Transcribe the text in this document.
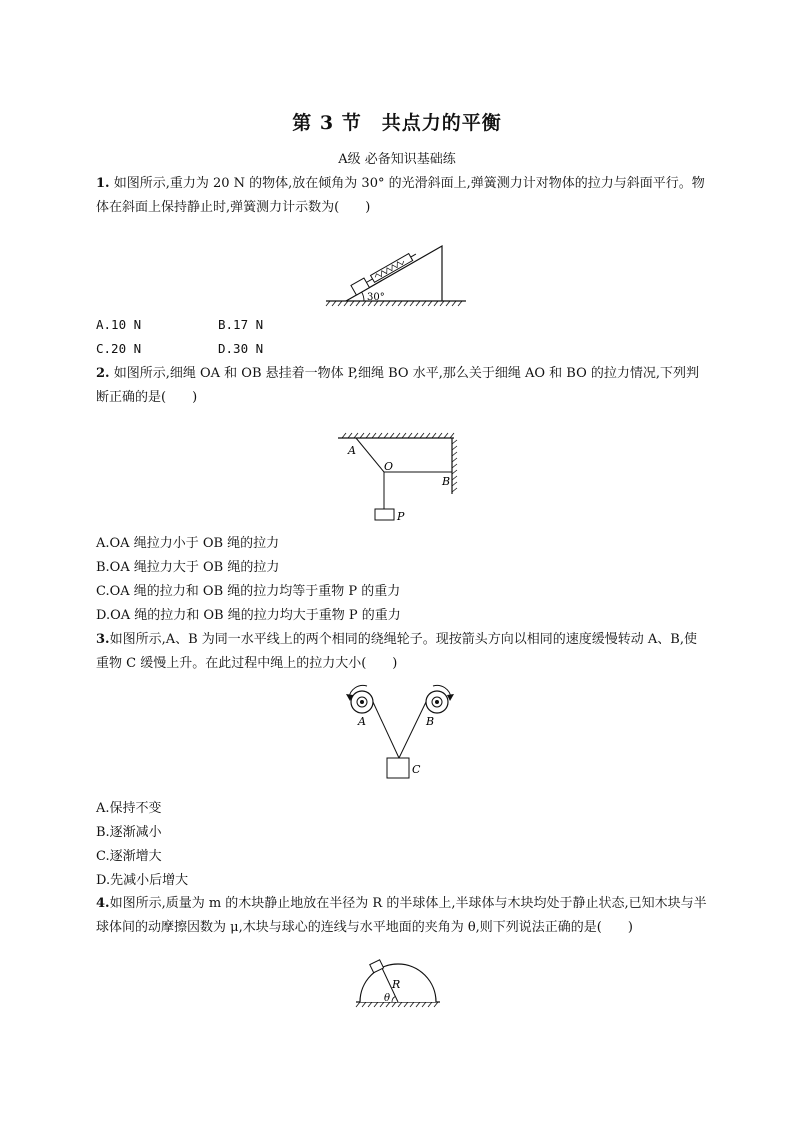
第 3 节　共点力的平衡
A级 必备知识基础练
1. 如图所示,重力为 20 N 的物体,放在倾角为 30° 的光滑斜面上,弹簧测力计对物体的拉力与斜面平行。物体在斜面上保持静止时,弹簧测力计示数为(　　)
30°
A.10 N	B.17 N
C.20 N	D.30 N
2. 如图所示,细绳 OA 和 OB 悬挂着一物体 P,细绳 BO 水平,那么关于细绳 AO 和 BO 的拉力情况,下列判断正确的是(　　)
A
O
B
P
A.OA 绳拉力小于 OB 绳的拉力
B.OA 绳拉力大于 OB 绳的拉力
C.OA 绳的拉力和 OB 绳的拉力均等于重物 P 的重力
D.OA 绳的拉力和 OB 绳的拉力均大于重物 P 的重力
3.如图所示,A、B 为同一水平线上的两个相同的绕绳轮子。现按箭头方向以相同的速度缓慢转动 A、B,使重物 C 缓慢上升。在此过程中绳上的拉力大小(　　)
A	B
C
A.保持不变
B.逐渐减小
C.逐渐增大
D.先减小后增大
4.如图所示,质量为 m 的木块静止地放在半径为 R 的半球体上,半球体与木块均处于静止状态,已知木块与半球体间的动摩擦因数为 μ,木块与球心的连线与水平地面的夹角为 θ,则下列说法正确的是(　　)
R
θ
